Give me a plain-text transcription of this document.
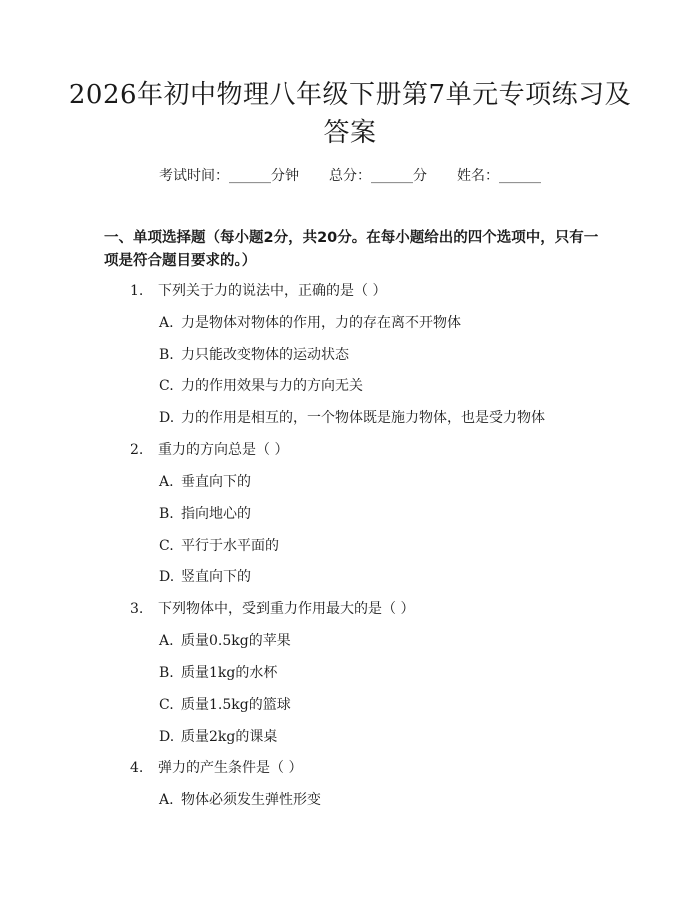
2026年初中物理八年级下册第7单元专项练习及答案
考试时间：______分钟 总分：______分 姓名：______
一、单项选择题（每小题2分，共20分。在每小题给出的四个选项中，只有一项是符合题目要求的。）
1. 下列关于力的说法中，正确的是（ ）
A. 力是物体对物体的作用，力的存在离不开物体
B. 力只能改变物体的运动状态
C. 力的作用效果与力的方向无关
D. 力的作用是相互的，一个物体既是施力物体，也是受力物体
2. 重力的方向总是（ ）
A. 垂直向下的
B. 指向地心的
C. 平行于水平面的
D. 竖直向下的
3. 下列物体中，受到重力作用最大的是（ ）
A. 质量0.5kg的苹果
B. 质量1kg的水杯
C. 质量1.5kg的篮球
D. 质量2kg的课桌
4. 弹力的产生条件是（ ）
A. 物体必须发生弹性形变
